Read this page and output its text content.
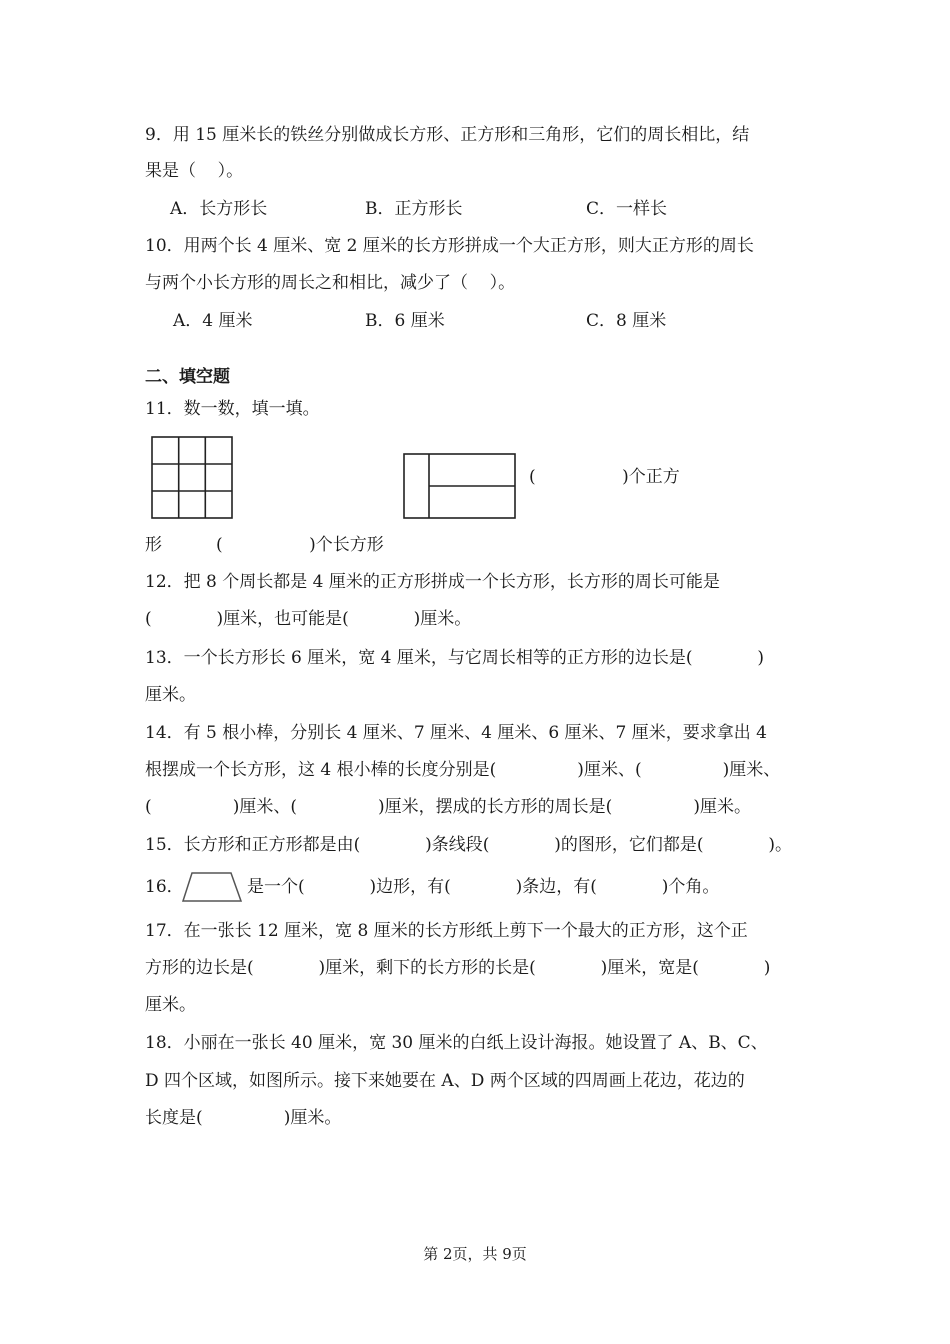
9．用 15 厘米长的铁丝分别做成长方形、正方形和三角形，它们的周长相比，结
果是（    ）。
A．长方形长	B．正方形长	C．一样长
10．用两个长 4 厘米、宽 2 厘米的长方形拼成一个大正方形，则大正方形的周长
与两个小长方形的周长之和相比，减少了（    ）。
A．4 厘米	B．6 厘米	C．8 厘米
二、填空题
11．数一数，填一填。
(                )个正方
形          (                )个长方形
12．把 8 个周长都是 4 厘米的正方形拼成一个长方形，长方形的周长可能是
(            )厘米，也可能是(            )厘米。
13．一个长方形长 6 厘米，宽 4 厘米，与它周长相等的正方形的边长是(            )
厘米。
14．有 5 根小棒，分别长 4 厘米、7 厘米、4 厘米、6 厘米、7 厘米，要求拿出 4
根摆成一个长方形，这 4 根小棒的长度分别是(               )厘米、(               )厘米、
(               )厘米、(               )厘米，摆成的长方形的周长是(               )厘米。
15．长方形和正方形都是由(            )条线段(            )的图形，它们都是(            )。
16．	是一个(            )边形，有(            )条边，有(            )个角。
17．在一张长 12 厘米，宽 8 厘米的长方形纸上剪下一个最大的正方形，这个正
方形的边长是(            )厘米，剩下的长方形的长是(            )厘米，宽是(            )
厘米。
18．小丽在一张长 40 厘米，宽 30 厘米的白纸上设计海报。她设置了 A、B、C、
D 四个区域，如图所示。接下来她要在 A、D 两个区域的四周画上花边，花边的
长度是(               )厘米。
第 2页，共 9页
